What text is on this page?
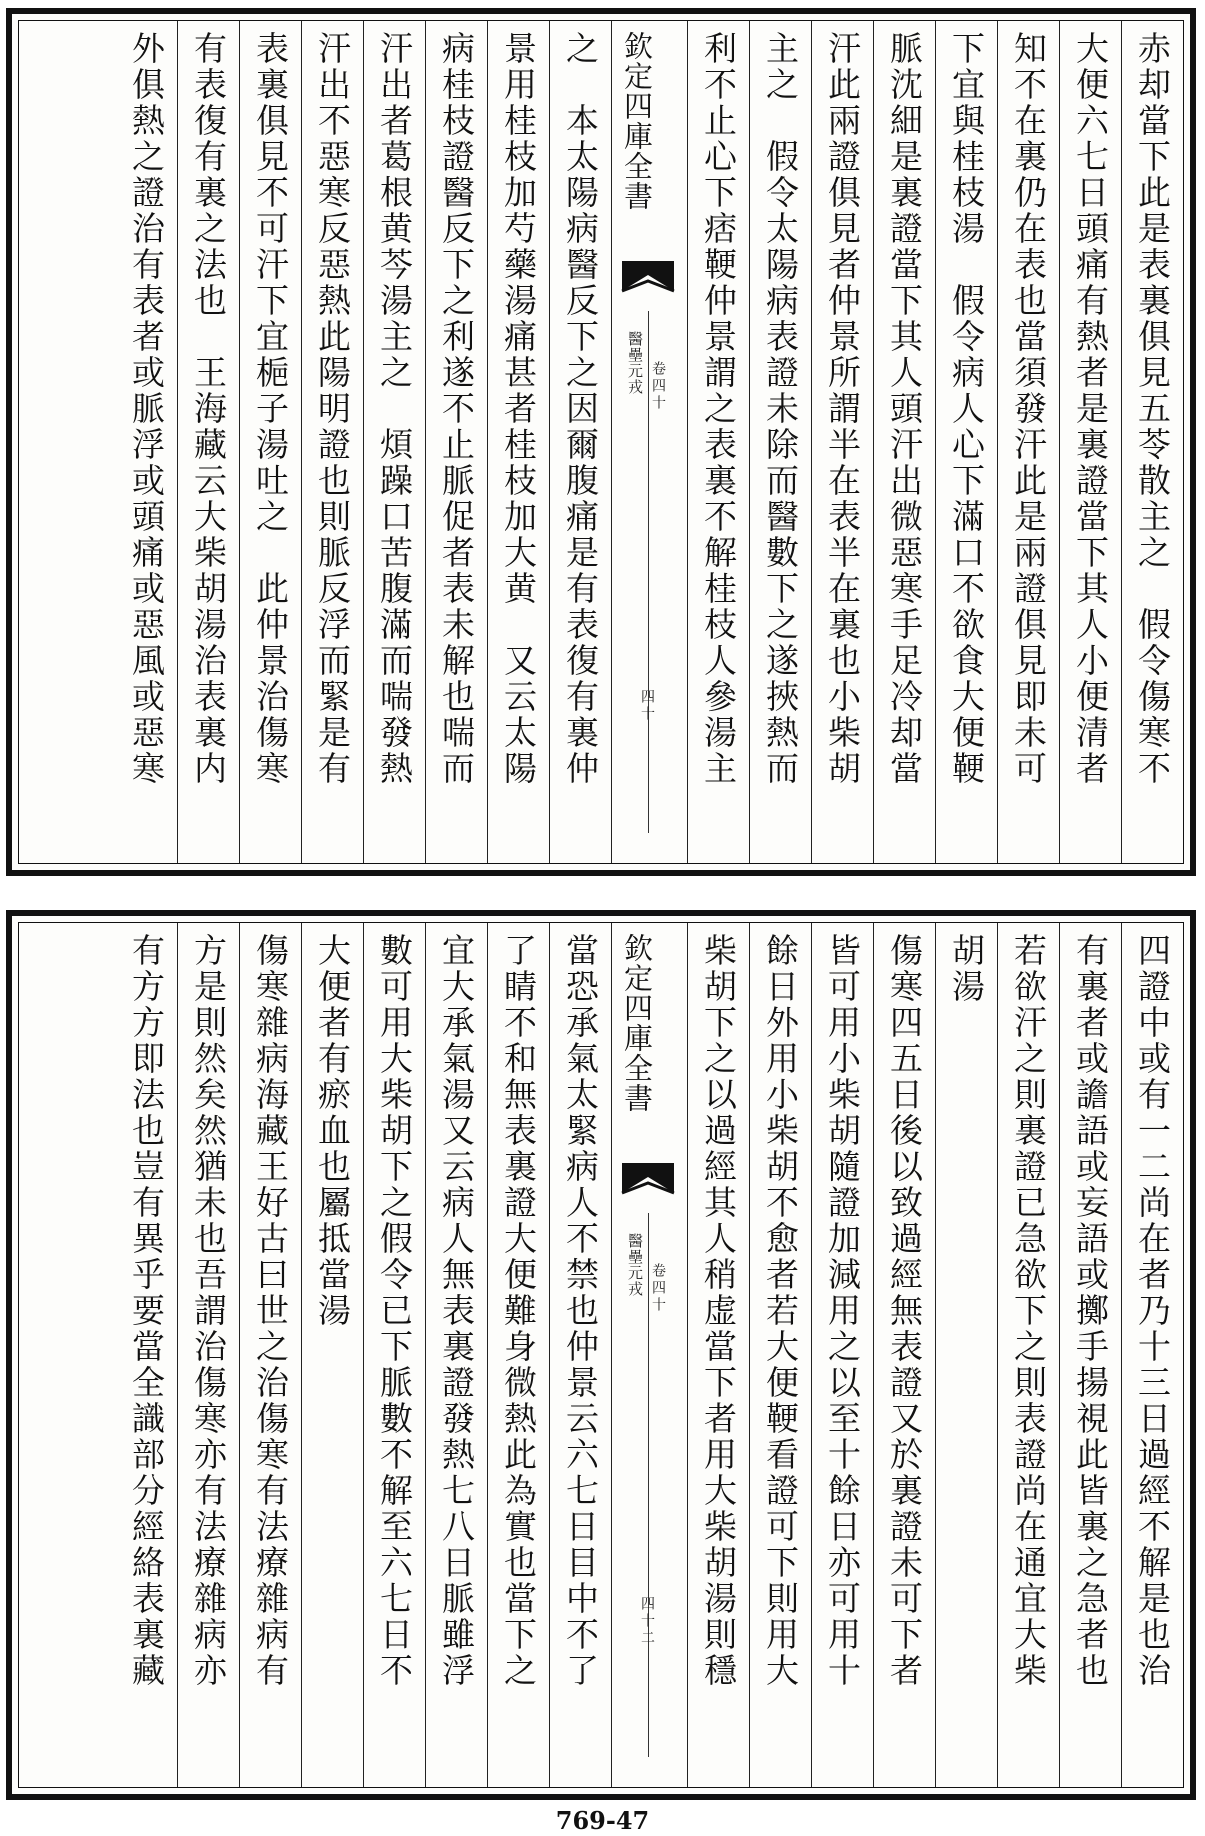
赤却當下此是表裏俱見五苓散主之　假令傷寒不
大便六七日頭痛有熱者是裏證當下其人小便清者
知不在裏仍在表也當須發汗此是兩證俱見即未可
下宜與桂枝湯　假令病人心下滿口不欲食大便鞕
脈沈細是裏證當下其人頭汗出微惡寒手足冷却當
汗此兩證俱見者仲景所謂半在表半在裏也小柴胡
主之　假令太陽病表證未除而醫數下之遂挾熱而
利不止心下痞鞕仲景謂之表裏不解桂枝人參湯主
欽定四庫全書
醫壘元戎 卷四十
四十
之　本太陽病醫反下之因爾腹痛是有表復有裏仲
景用桂枝加芍藥湯痛甚者桂枝加大黄　又云太陽
病桂枝證醫反下之利遂不止脈促者表未解也喘而
汗出者葛根黄芩湯主之　煩躁口苦腹滿而喘發熱
汗出不惡寒反惡熱此陽明證也則脈反浮而緊是有
表裏俱見不可汗下宜梔子湯吐之　此仲景治傷寒
有表復有裏之法也　王海藏云大柴胡湯治表裏内
外俱熱之證治有表者或脈浮或頭痛或惡風或惡寒
四證中或有一二尚在者乃十三日過經不解是也治
有裏者或譫語或妄語或擲手揚視此皆裏之急者也
若欲汗之則裏證已急欲下之則表證尚在通宜大柴
胡湯
傷寒四五日後以致過經無表證又於裏證未可下者
皆可用小柴胡隨證加減用之以至十餘日亦可用十
餘日外用小柴胡不愈者若大便鞕看證可下則用大
柴胡下之以過經其人稍虚當下者用大柴胡湯則穩
欽定四庫全書
醫壘元戎 卷四十
四十二
當恐承氣太緊病人不禁也仲景云六七日目中不了
了睛不和無表裏證大便難身微熱此為實也當下之
宜大承氣湯又云病人無表裏證發熱七八日脈雖浮
數可用大柴胡下之假令已下脈數不解至六七日不
大便者有瘀血也屬抵當湯
傷寒雜病海藏王好古曰世之治傷寒有法療雜病有
方是則然矣然猶未也吾謂治傷寒亦有法療雜病亦
有方方即法也豈有異乎要當全識部分經絡表裏藏
769-47
